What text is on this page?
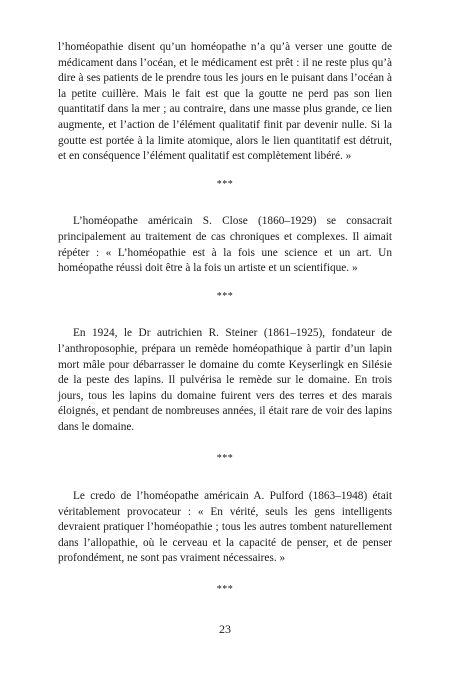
l’homéopathie disent qu’un homéopathe n’a qu’à verser une goutte de médicament dans l’océan, et le médicament est prêt : il ne reste plus qu’à dire à ses patients de le prendre tous les jours en le puisant dans l’océan à la petite cuillère. Mais le fait est que la goutte ne perd pas son lien quantitatif dans la mer ; au contraire, dans une masse plus grande, ce lien augmente, et l’action de l’élément qualitatif finit par devenir nulle. Si la goutte est portée à la limite atomique, alors le lien quantitatif est détruit, et en conséquence l’élément qualitatif est complètement libéré. »

***

L’homéopathe américain S. Close (1860–1929) se consacrait principalement au traitement de cas chroniques et complexes. Il aimait répéter : « L’homéopathie est à la fois une science et un art. Un homéopathe réussi doit être à la fois un artiste et un scientifique. »

***

En 1924, le Dr autrichien R. Steiner (1861–1925), fondateur de l’anthroposophie, prépara un remède homéopathique à partir d’un lapin mort mâle pour débarrasser le domaine du comte Keyserlingk en Silésie de la peste des lapins. Il pulvérisa le remède sur le domaine. En trois jours, tous les lapins du domaine fuirent vers des terres et des marais éloignés, et pendant de nombreuses années, il était rare de voir des lapins dans le domaine.

***

Le credo de l’homéopathe américain A. Pulford (1863–1948) était véritablement provocateur : « En vérité, seuls les gens intelligents devraient pratiquer l’homéopathie ; tous les autres tombent naturellement dans l’allopathie, où le cerveau et la capacité de penser, et de penser profondément, ne sont pas vraiment nécessaires. »

***

23
